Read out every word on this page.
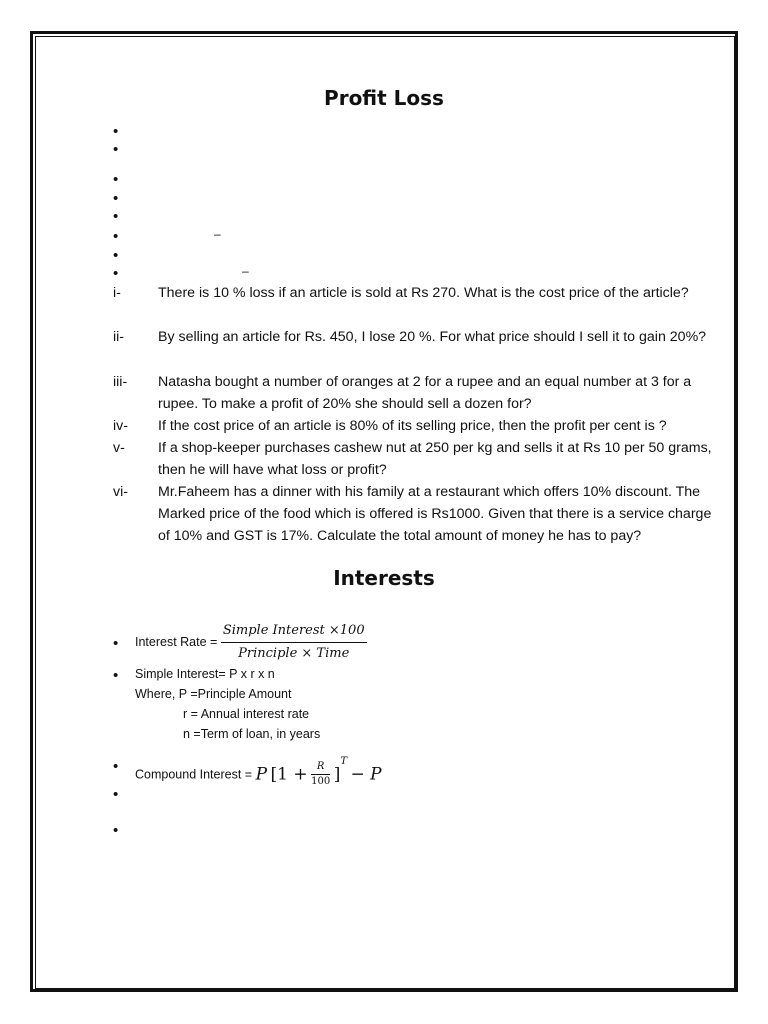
Profit Loss
•
•
•
•
•
•	–
•
•	–
i-	There is 10 % loss if an article is sold at Rs 270. What is the cost price of the article?
ii-	By selling an article for Rs. 450, I lose 20 %. For what price should I sell it to gain 20%?
iii-	Natasha bought a number of oranges at 2 for a rupee and an equal number at 3 for a rupee. To make a profit of 20% she should sell a dozen for?
iv-	If the cost price of an article is 80% of its selling price, then the profit per cent is ?
v-	If a shop-keeper purchases cashew nut at 250 per kg and sells it at Rs 10 per 50 grams, then he will have what loss or profit?
vi-	Mr.Faheem has a dinner with his family at a restaurant which offers 10% discount. The Marked price of the food which is offered is Rs1000. Given that there is a service charge of 10% and GST is 17%. Calculate the total amount of money he has to pay?
Interests
• Interest Rate = $\frac{\text{Simple Interest ×100}}{\text{Principle × Time}}$
• Simple Interest= P x r x n
Where, P =Principle Amount
r = Annual interest rate
n =Term of loan, in years
• Compound Interest = P $[1 + \frac{R}{100} ]^T - P$
•
•
